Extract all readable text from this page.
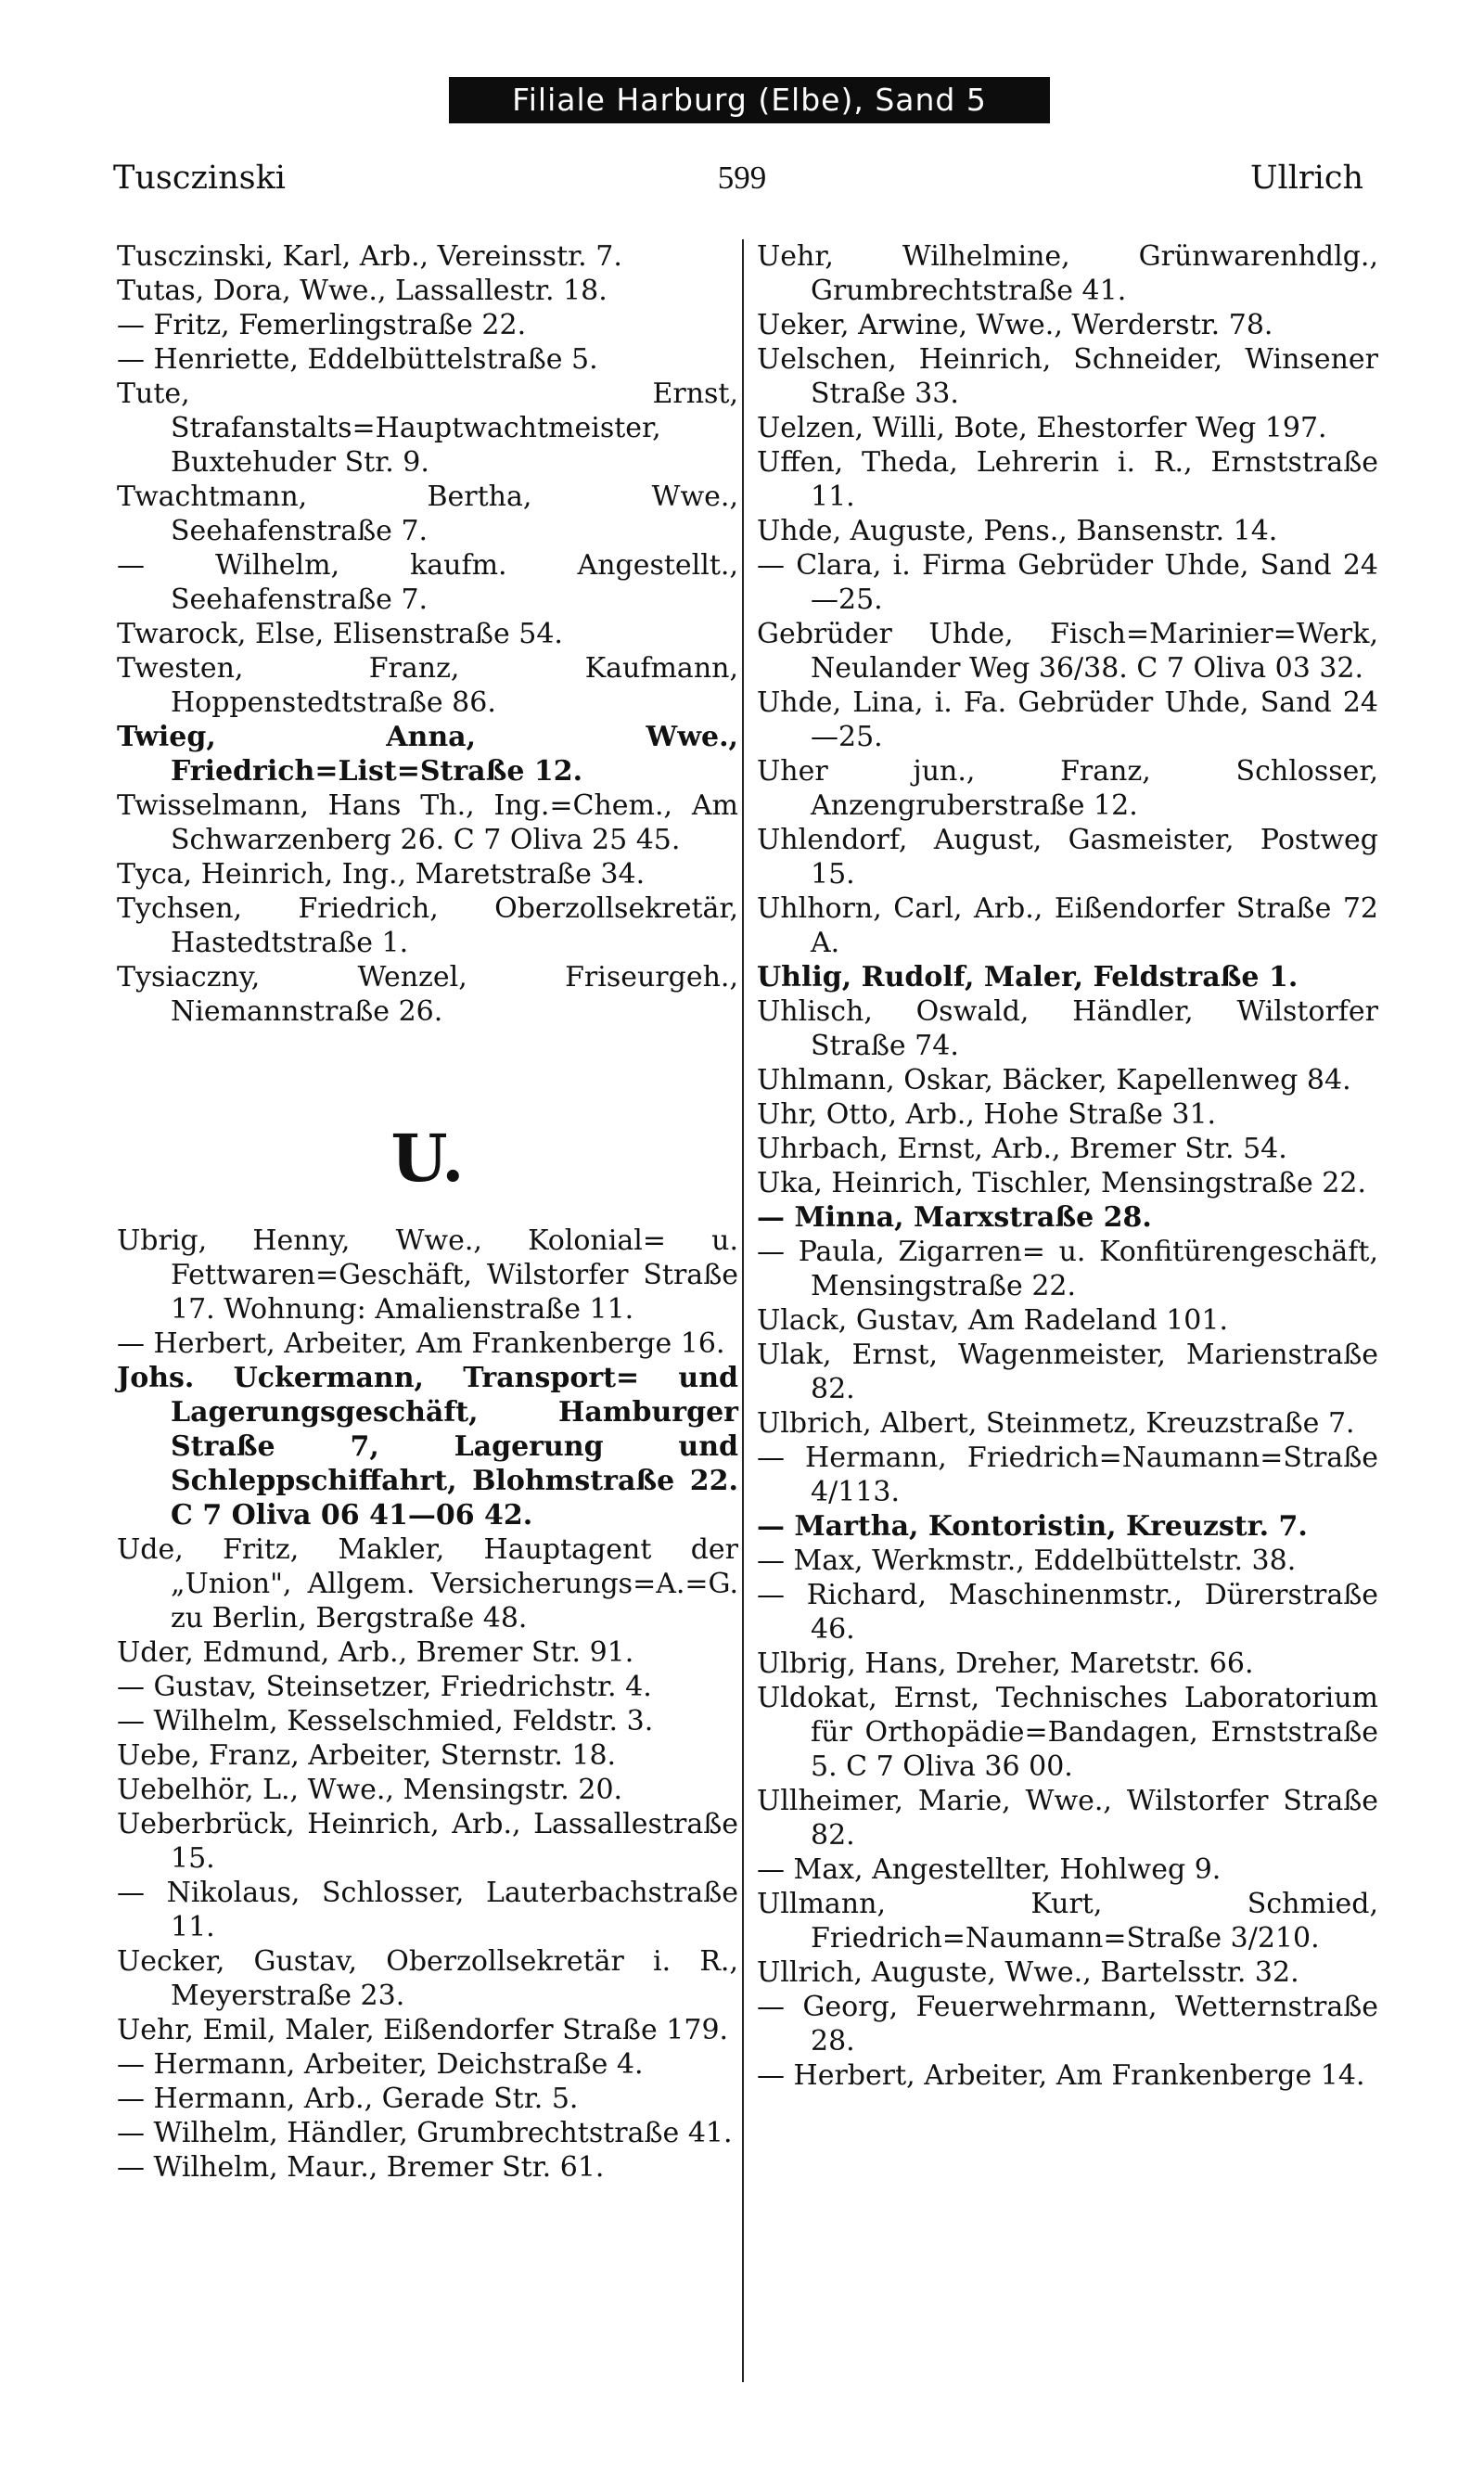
Filiale Harburg (Elbe), Sand 5
Tusczinski	599	Ullrich
Tusczinski, Karl, Arb., Vereinsstr. 7.
Tutas, Dora, Wwe., Lassallestr. 18.
— Fritz, Femerlingstraße 22.
— Henriette, Eddelbüttelstraße 5.
Tute, Ernst, Strafanstalts=Hauptwachtmeister, Buxtehuder Str. 9.
Twachtmann, Bertha, Wwe., Seehafenstraße 7.
— Wilhelm, kaufm. Angestellt., Seehafenstraße 7.
Twarock, Else, Elisenstraße 54.
Twesten, Franz, Kaufmann, Hoppenstedtstraße 86.
Twieg, Anna, Wwe., Friedrich=List=Straße 12.
Twisselmann, Hans Th., Ing.=Chem., Am Schwarzenberg 26. C 7 Oliva 25 45.
Tyca, Heinrich, Ing., Maretstraße 34.
Tychsen, Friedrich, Oberzollsekretär, Hastedtstraße 1.
Tysiaczny, Wenzel, Friseurgeh., Niemannstraße 26.
U.
Ubrig, Henny, Wwe., Kolonial= u. Fettwaren=Geschäft, Wilstorfer Straße 17. Wohnung: Amalienstraße 11.
— Herbert, Arbeiter, Am Frankenberge 16.
Johs. Uckermann, Transport= und Lagerungsgeschäft, Hamburger Straße 7, Lagerung und Schleppschiffahrt, Blohmstraße 22. C 7 Oliva 06 41—06 42.
Ude, Fritz, Makler, Hauptagent der „Union", Allgem. Versicherungs=A.=G. zu Berlin, Bergstraße 48.
Uder, Edmund, Arb., Bremer Str. 91.
— Gustav, Steinsetzer, Friedrichstr. 4.
— Wilhelm, Kesselschmied, Feldstr. 3.
Uebe, Franz, Arbeiter, Sternstr. 18.
Uebelhör, L., Wwe., Mensingstr. 20.
Ueberbrück, Heinrich, Arb., Lassallestraße 15.
— Nikolaus, Schlosser, Lauterbachstraße 11.
Uecker, Gustav, Oberzollsekretär i. R., Meyerstraße 23.
Uehr, Emil, Maler, Eißendorfer Straße 179.
— Hermann, Arbeiter, Deichstraße 4.
— Hermann, Arb., Gerade Str. 5.
— Wilhelm, Händler, Grumbrechtstraße 41.
— Wilhelm, Maur., Bremer Str. 61.
Uehr, Wilhelmine, Grünwarenhdlg., Grumbrechtstraße 41.
Ueker, Arwine, Wwe., Werderstr. 78.
Uelschen, Heinrich, Schneider, Winsener Straße 33.
Uelzen, Willi, Bote, Ehestorfer Weg 197.
Uffen, Theda, Lehrerin i. R., Ernststraße 11.
Uhde, Auguste, Pens., Bansenstr. 14.
— Clara, i. Firma Gebrüder Uhde, Sand 24—25.
Gebrüder Uhde, Fisch=Marinier=Werk, Neulander Weg 36/38. C 7 Oliva 03 32.
Uhde, Lina, i. Fa. Gebrüder Uhde, Sand 24—25.
Uher jun., Franz, Schlosser, Anzengruberstraße 12.
Uhlendorf, August, Gasmeister, Postweg 15.
Uhlhorn, Carl, Arb., Eißendorfer Straße 72 A.
Uhlig, Rudolf, Maler, Feldstraße 1.
Uhlisch, Oswald, Händler, Wilstorfer Straße 74.
Uhlmann, Oskar, Bäcker, Kapellenweg 84.
Uhr, Otto, Arb., Hohe Straße 31.
Uhrbach, Ernst, Arb., Bremer Str. 54.
Uka, Heinrich, Tischler, Mensingstraße 22.
— Minna, Marxstraße 28.
— Paula, Zigarren= u. Konfitürengeschäft, Mensingstraße 22.
Ulack, Gustav, Am Radeland 101.
Ulak, Ernst, Wagenmeister, Marienstraße 82.
Ulbrich, Albert, Steinmetz, Kreuzstraße 7.
— Hermann, Friedrich=Naumann=Straße 4/113.
— Martha, Kontoristin, Kreuzstr. 7.
— Max, Werkmstr., Eddelbüttelstr. 38.
— Richard, Maschinenmstr., Dürerstraße 46.
Ulbrig, Hans, Dreher, Maretstr. 66.
Uldokat, Ernst, Technisches Laboratorium für Orthopädie=Bandagen, Ernststraße 5. C 7 Oliva 36 00.
Ullheimer, Marie, Wwe., Wilstorfer Straße 82.
— Max, Angestellter, Hohlweg 9.
Ullmann, Kurt, Schmied, Friedrich=Naumann=Straße 3/210.
Ullrich, Auguste, Wwe., Bartelsstr. 32.
— Georg, Feuerwehrmann, Wetternstraße 28.
— Herbert, Arbeiter, Am Frankenberge 14.
